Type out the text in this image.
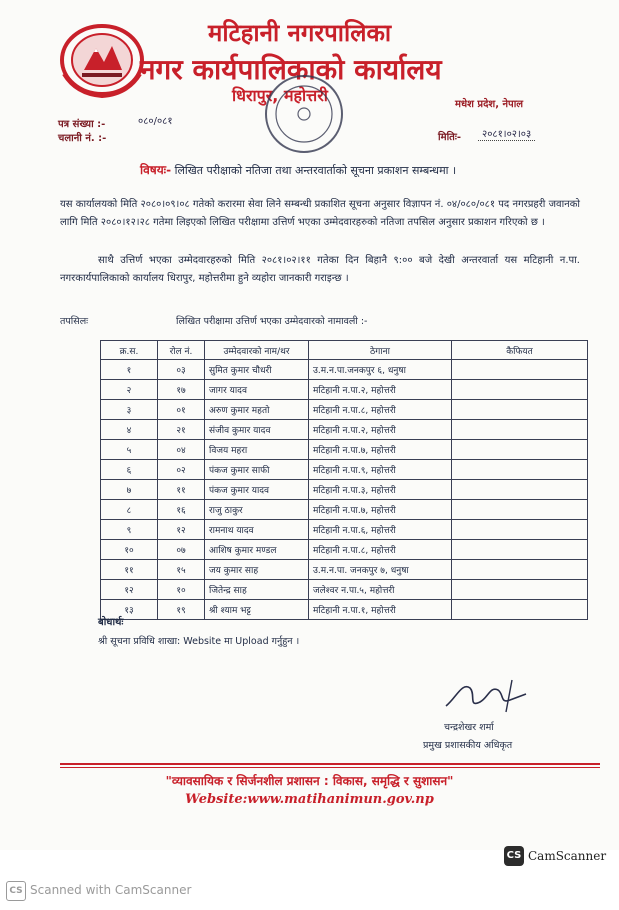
मटिहानी नगरपालिका
नगर कार्यपालिकाको कार्यालय
धिरापुर, महोत्तरी	मधेश प्रदेश, नेपाल
पत्र संख्या :-	०८०/०८१
चलानी नं. :-	मितिः-	२०८१।०२।०३
विषयः- लिखित परीक्षाको नतिजा तथा अन्तरवार्ताको सूचना प्रकाशन सम्बन्धमा ।
यस कार्यालयको मिति २०८०।०९।०८ गतेको करारमा सेवा लिने सम्बन्धी प्रकाशित सूचना अनुसार विज्ञापन नं. ०४/०८०/०८१ पद नगरप्रहरी जवानको लागि मिति २०८०।१२।२८ गतेमा लिइएको लिखित परीक्षामा उत्तिर्ण भएका उम्मेदवारहरुको नतिजा तपसिल अनुसार प्रकाशन गरिएको छ ।
साथै उत्तिर्ण भएका उम्मेदवारहरुको मिति २०८१।०२।११ गतेका दिन बिहानै ९:०० बजे देखी अन्तरवार्ता यस मटिहानी न.पा. नगरकार्यपालिकाको कार्यालय धिरापुर, महोत्तरीमा हुने व्यहोरा जानकारी गराइन्छ ।
तपसिलः	लिखित परीक्षामा उत्तिर्ण भएका उम्मेदवारको नामावली :-
क्र.स.	रोल नं.	उम्मेदवारको नाम/थर	ठेगाना	कैफियत
१	०३	सुमित कुमार चौधरी	उ.म.न.पा.जनकपुर ६, धनुषा	
२	१७	जागर यादव	मटिहानी न.पा.२, महोत्तरी	
३	०१	अरुण कुमार महतो	मटिहानी न.पा.८, महोत्तरी	
४	२१	संजीव कुमार यादव	मटिहानी न.पा.२, महोत्तरी	
५	०४	विजय महरा	मटिहानी न.पा.७, महोत्तरी	
६	०२	पंकज कुमार साफी	मटिहानी न.पा.९, महोत्तरी	
७	११	पंकज कुमार यादव	मटिहानी न.पा.३, महोत्तरी	
८	१६	राजु ठाकुर	मटिहानी न.पा.७, महोत्तरी	
९	१२	रामनाथ यादव	मटिहानी न.पा.६, महोत्तरी	
१०	०७	आशिष कुमार मण्डल	मटिहानी न.पा.८, महोत्तरी	
११	१५	जय कुमार साह	उ.म.न.पा. जनकपुर ७, धनुषा	
१२	१०	जितेन्द्र साह	जलेश्वर न.पा.५, महोत्तरी	
१३	१९	श्री श्याम भट्ट	मटिहानी न.पा.१, महोत्तरी	
बोधार्थः
श्री सूचना प्रविधि शाखा: Website मा Upload गर्नुहुन ।
चन्द्रशेखर शर्मा
प्रमुख प्रशासकीय अधिकृत
"व्यावसायिक र सिर्जनशील प्रशासन : विकास, समृद्धि र सुशासन"
Website:www.matihanimun.gov.np
CS CamScanner
CS Scanned with CamScanner
